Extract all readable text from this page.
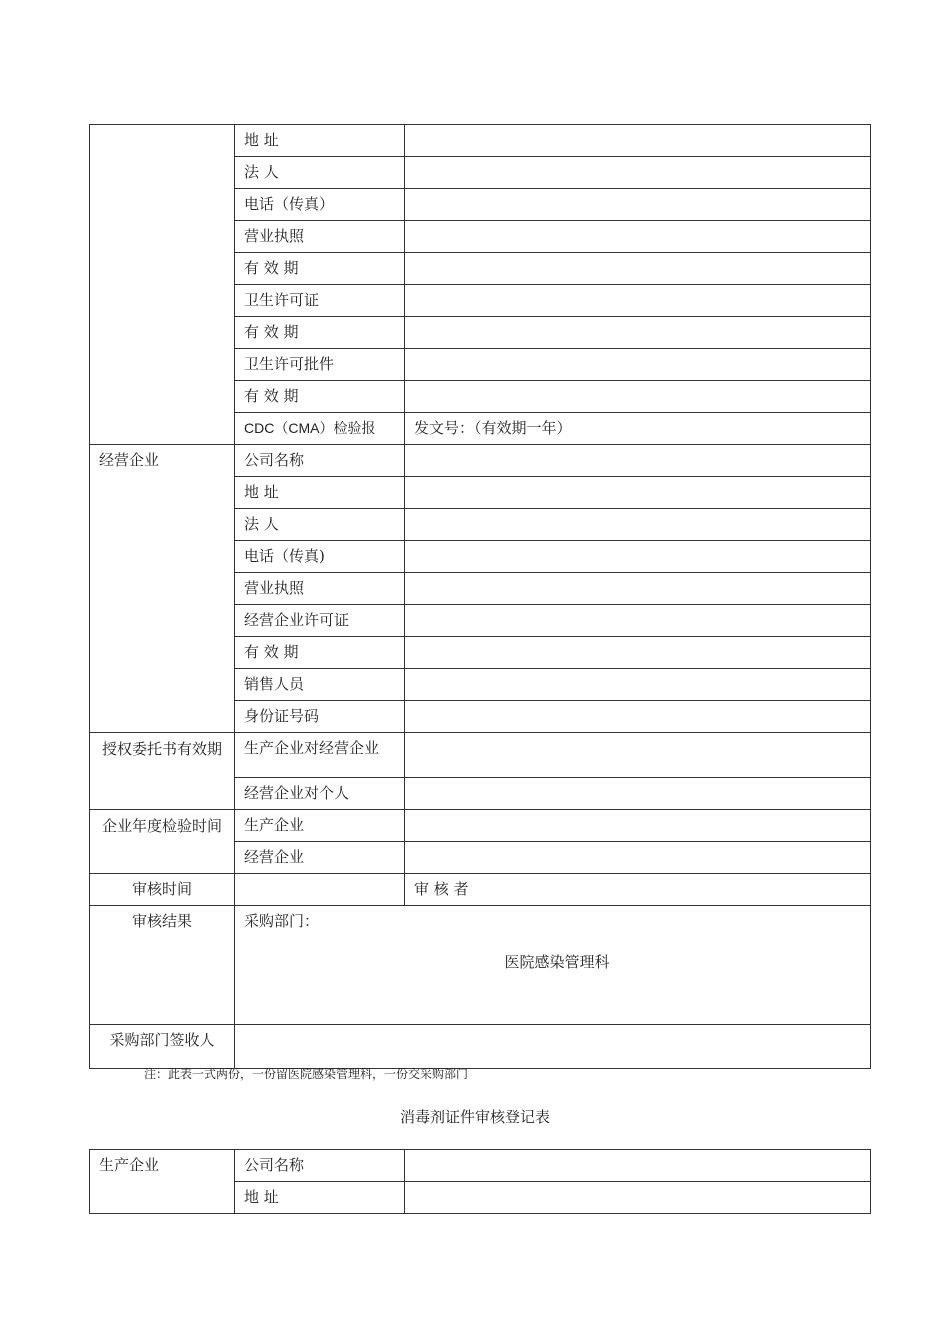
	地 址	
	法 人	
	电话（传真）	
	营业执照	
	有 效 期	
	卫生许可证	
	有 效 期	
	卫生许可批件	
	有 效 期	
	CDC（CMA）检验报	发文号：（有效期一年）
经营企业	公司名称	
	地 址	
	法 人	
	电话（传真)	
	营业执照	
	经营企业许可证	
	有 效 期	
	销售人员	
	身份证号码	
授权委托书有效期	生产企业对经营企业	
	经营企业对个人	
企业年度检验时间	生产企业	
	经营企业	
审核时间		审 核 者
审核结果	采购部门：
医院感染管理科	

采购部门签收人		
注：此表一式两份，一份留医院感染管理科，一份交采购部门
消毒剂证件审核登记表
生产企业	公司名称	
	地 址	
